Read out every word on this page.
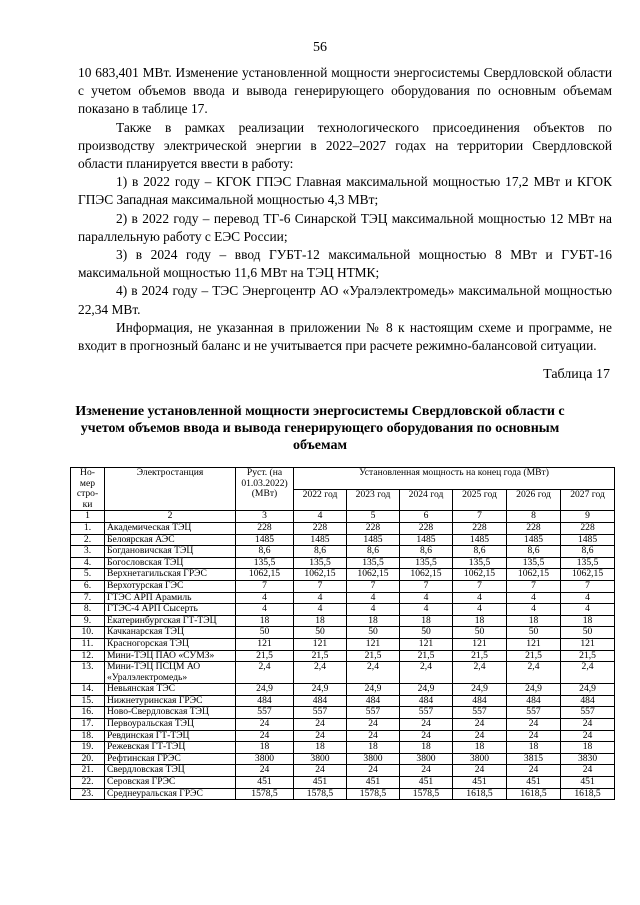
56

10 683,401 МВт. Изменение установленной мощности энергосистемы Свердловской области с учетом объемов ввода и вывода генерирующего оборудования по основным объемам показано в таблице 17.

Также в рамках реализации технологического присоединения объектов по производству электрической энергии в 2022–2027 годах на территории Свердловской области планируется ввести в работу:

1) в 2022 году – КГОК ГПЭС Главная максимальной мощностью 17,2 МВт и КГОК ГПЭС Западная максимальной мощностью 4,3 МВт;

2) в 2022 году – перевод ТГ-6 Синарской ТЭЦ максимальной мощностью 12 МВт на параллельную работу с ЕЭС России;

3) в 2024 году – ввод ГУБТ-12 максимальной мощностью 8 МВт и ГУБТ-16 максимальной мощностью 11,6 МВт на ТЭЦ НТМК;

4) в 2024 году – ТЭС Энергоцентр АО «Уралэлектромедь» максимальной мощностью 22,34 МВт.

Информация, не указанная в приложении № 8 к настоящим схеме и программе, не входит в прогнозный баланс и не учитывается при расчете режимно-балансовой ситуации.

Таблица 17
Изменение установленной мощности энергосистемы Свердловской области с учетом объемов ввода и вывода генерирующего оборудования по основным объемам
Но-мер стро-ки	Электростанция	Pуст. (на 01.03.2022) (МВт)	Установленная мощность на конец года (МВт)					
			2022 год	2023 год	2024 год	2025 год	2026 год	2027 год
1	2	3	4	5	6	7	8	9
1.	Академическая ТЭЦ	228	228	228	228	228	228	228
2.	Белоярская АЭС	1485	1485	1485	1485	1485	1485	1485
3.	Богдановичская ТЭЦ	8,6	8,6	8,6	8,6	8,6	8,6	8,6
4.	Богословская ТЭЦ	135,5	135,5	135,5	135,5	135,5	135,5	135,5
5.	Верхнетагильская ГРЭС	1062,15	1062,15	1062,15	1062,15	1062,15	1062,15	1062,15
6.	Верхотурская ГЭС	7	7	7	7	7	7	7
7.	ГТЭС АРП Арамиль	4	4	4	4	4	4	4
8.	ГТЭС-4 АРП Сысерть	4	4	4	4	4	4	4
9.	Екатеринбургская ГТ-ТЭЦ	18	18	18	18	18	18	18
10.	Качканарская ТЭЦ	50	50	50	50	50	50	50
11.	Красногорская ТЭЦ	121	121	121	121	121	121	121
12.	Мини-ТЭЦ ПАО «СУМЗ»	21,5	21,5	21,5	21,5	21,5	21,5	21,5
13.	Мини-ТЭЦ ПСЦМ АО «Уралэлектромедь»	2,4	2,4	2,4	2,4	2,4	2,4	2,4
14.	Невьянская ТЭС	24,9	24,9	24,9	24,9	24,9	24,9	24,9
15.	Нижнетуринская ГРЭС	484	484	484	484	484	484	484
16.	Ново-Свердловская ТЭЦ	557	557	557	557	557	557	557
17.	Первоуральская ТЭЦ	24	24	24	24	24	24	24
18.	Ревдинская ГТ-ТЭЦ	24	24	24	24	24	24	24
19.	Режевская ГТ-ТЭЦ	18	18	18	18	18	18	18
20.	Рефтинская ГРЭС	3800	3800	3800	3800	3800	3815	3830
21.	Свердловская ТЭЦ	24	24	24	24	24	24	24
22.	Серовская ГРЭС	451	451	451	451	451	451	451
23.	Среднеуральская ГРЭС	1578,5	1578,5	1578,5	1578,5	1618,5	1618,5	1618,5
